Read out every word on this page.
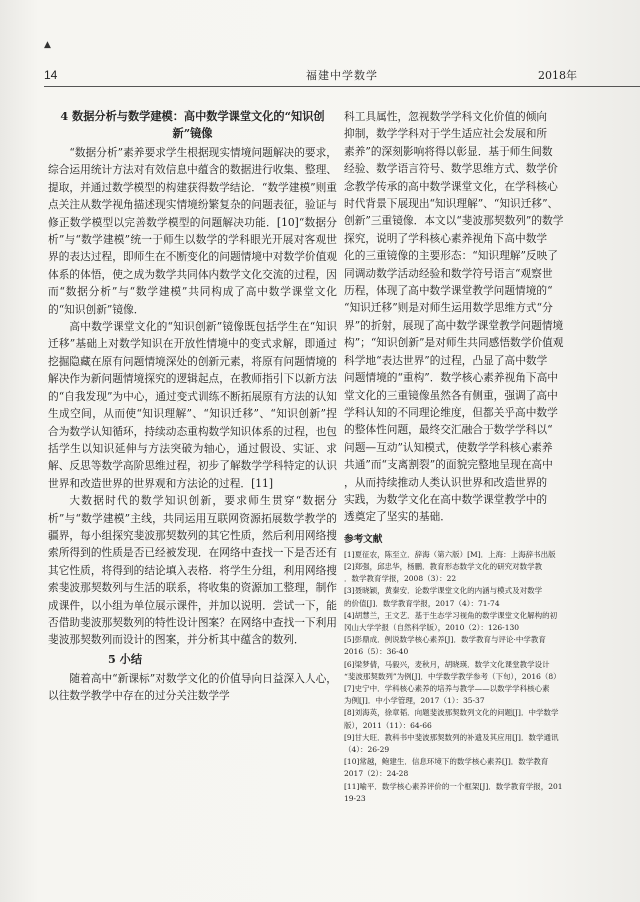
▲
14	福建中学数学	2018年
4 数据分析与数学建模：高中数学课堂文化的“知识创新”镜像

“数据分析”素养要求学生根据现实情境问题解决的要求，综合运用统计方法对有效信息中蕴含的数据进行收集、整理、提取，并通过数学模型的构建获得数学结论．“数学建模”则重点关注从数学视角描述现实情境纷繁复杂的问题表征，验证与修正数学模型以完善数学模型的问题解决功能．[10]“数据分析”与“数学建模”统一于师生以数学的学科眼光开展对客观世界的表达过程，即师生在不断变化的问题情境中对数学价值观体系的体悟，使之成为数学共同体内数学文化交流的过程，因而“数据分析”与“数学建模”共同构成了高中数学课堂文化的“知识创新”镜像．

高中数学课堂文化的“知识创新”镜像既包括学生在“知识迁移”基础上对数学知识在开放性情境中的变式求解，即通过挖掘隐藏在原有问题情境深处的创新元素，将原有问题情境的解决作为新问题情境探究的逻辑起点，在教师指引下以新方法的“自我发现”为中心，通过变式训练不断拓展原有方法的认知生成空间，从而使“知识理解”、“知识迁移”、“知识创新”捏合为数学认知循环，持续动态重构数学知识体系的过程，也包括学生以知识延伸与方法突破为轴心，通过假设、实证、求解、反思等数学高阶思维过程，初步了解数学学科特定的认识世界和改造世界的世界观和方法论的过程．[11]

大数据时代的数学知识创新，要求师生贯穿“数据分析”与“数学建模”主线，共同运用互联网资源拓展数学教学的疆界，每小组探究斐波那契数列的其它性质，然后利用网络搜索所得到的性质是否已经被发现．在网络中查找一下是否还有其它性质，将得到的结论填入表格．将学生分组，利用网络搜索斐波那契数列与生活的联系，将收集的资源加工整理，制作成课件，以小组为单位展示课件，并加以说明．尝试一下，能否借助斐波那契数列的特性设计图案？在网络中查找一下利用斐波那契数列而设计的图案，并分析其中蕴含的数列．

5 小结

随着高中“新课标”对数学文化的价值导向日益深入人心，以往数学教学中存在的过分关注数学学

科工具属性，忽视数学学科文化价值的倾向
抑制，数学学科对于学生适应社会发展和所
素养”的深刻影响将得以彰显．基于师生间数
经验、数学语言符号、数学思维方式、数学价
念教学传承的高中数学课堂文化，在学科核心
时代背景下展现出“知识理解”、“知识迁移”、
创新”三重镜像．本文以“斐波那契数列”的数学
探究，说明了学科核心素养视角下高中数学
化的三重镜像的主要形态：“知识理解”反映了
同调动数学活动经验和数学符号语言“观察世
历程，体现了高中数学课堂教学问题情境的“
“知识迁移”则是对师生运用数学思维方式“分
界”的折射，展现了高中数学课堂教学问题情境
构”；“知识创新”是对师生共同感悟数学价值观
科学地“表达世界”的过程，凸显了高中数学
问题情境的“重构”．数学核心素养视角下高中
堂文化的三重镜像虽然各有侧重，强调了高中
学科认知的不同理论维度，但都关乎高中数学
的整体性问题，最终交汇融合于数学学科以“
问题—互动”认知模式，使数学学科核心素养
共通”而“支离割裂”的面貌完整地呈现在高中
，从而持续推动人类认识世界和改造世界的
实践，为数学文化在高中数学课堂教学中的
透奠定了坚实的基础．
参考文献
[1]夏征农，陈至立．辞海（第六版）[M]．上海：上海辞书出版
[2]郑强，邱忠华，杨鹏．教育形态数学文化的研究对数学教
．数学教育学报，2008（3）：22
[3]聂晓颖，黄秦安．论数学课堂文化的内涵与模式及对数学
的价值[J]．数学教育学报，2017（4）：71-74
[4]胡慧兰，王文艺．基于生态学习视角的数学课堂文化解构的初
冈山大学学报（自然科学版），2010（2）：126-130
[5]彭鼎成．例说数学核心素养[J]．数学教育与评论·中学教育
2016（5）：36-40
[6]梁梦倩，马毅兴，麦秋月，胡晓瑛．数学文化课堂教学设计
“斐波那契数列”为例[J]．中学数学教学参考（下旬），2016（8）
[7]史宁中．学科核心素养的培养与教学——以数学学科核心素
为例[J]．中小学管理，2017（1）：35-37
[8]刘海英，徐章韬．向题斐波那契数列文化的问题[J]．中学数学
版），2011（11）：64-66
[9]甘大旺．教科书中斐波那契数列的补遗及其应用[J]．数学通讯
（4）：26-29
[10]常越，鲍建生．信息环境下的数学核心素养[J]．数学教育
2017（2）：24-28
[11]喻平．数学核心素养评价的一个框架[J]．数学教育学报，201
19-23
